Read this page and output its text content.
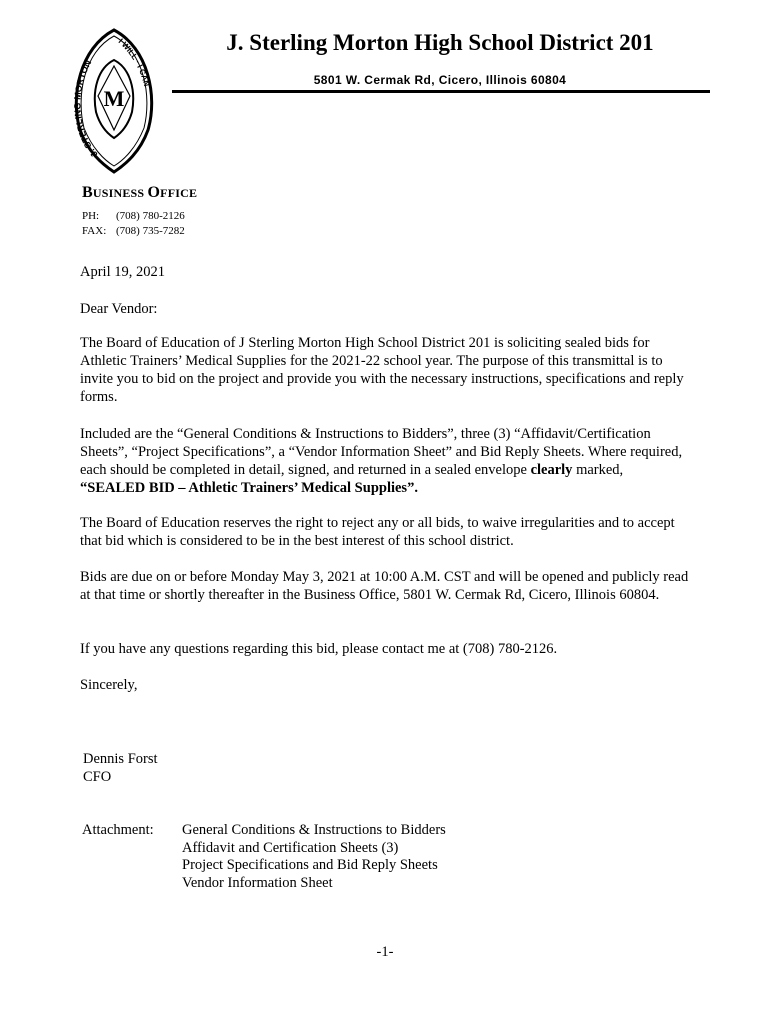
M
J. STERLING MORTON
I WILL · I CAN
J. Sterling Morton High School District 201
5801 W. Cermak Rd, Cicero, Illinois 60804
BUSINESS OFFICE
PH: (708) 780-2126
FAX: (708) 735-7282
April 19, 2021
Dear Vendor:
The Board of Education of J Sterling Morton High School District 201 is soliciting sealed bids for Athletic Trainers’ Medical Supplies for the 2021-22 school year. The purpose of this transmittal is to invite you to bid on the project and provide you with the necessary instructions, specifications and reply forms.
Included are the “General Conditions & Instructions to Bidders”, three (3) “Affidavit/Certification Sheets”, “Project Specifications”, a “Vendor Information Sheet” and Bid Reply Sheets. Where required, each should be completed in detail, signed, and returned in a sealed envelope clearly marked, “SEALED BID – Athletic Trainers’ Medical Supplies”.
The Board of Education reserves the right to reject any or all bids, to waive irregularities and to accept that bid which is considered to be in the best interest of this school district.
Bids are due on or before Monday May 3, 2021 at 10:00 A.M. CST and will be opened and publicly read at that time or shortly thereafter in the Business Office, 5801 W. Cermak Rd, Cicero, Illinois 60804.
If you have any questions regarding this bid, please contact me at (708) 780-2126.
Sincerely,
Dennis Forst
CFO
Attachment: General Conditions & Instructions to Bidders
Affidavit and Certification Sheets (3)
Project Specifications and Bid Reply Sheets
Vendor Information Sheet
-1-
